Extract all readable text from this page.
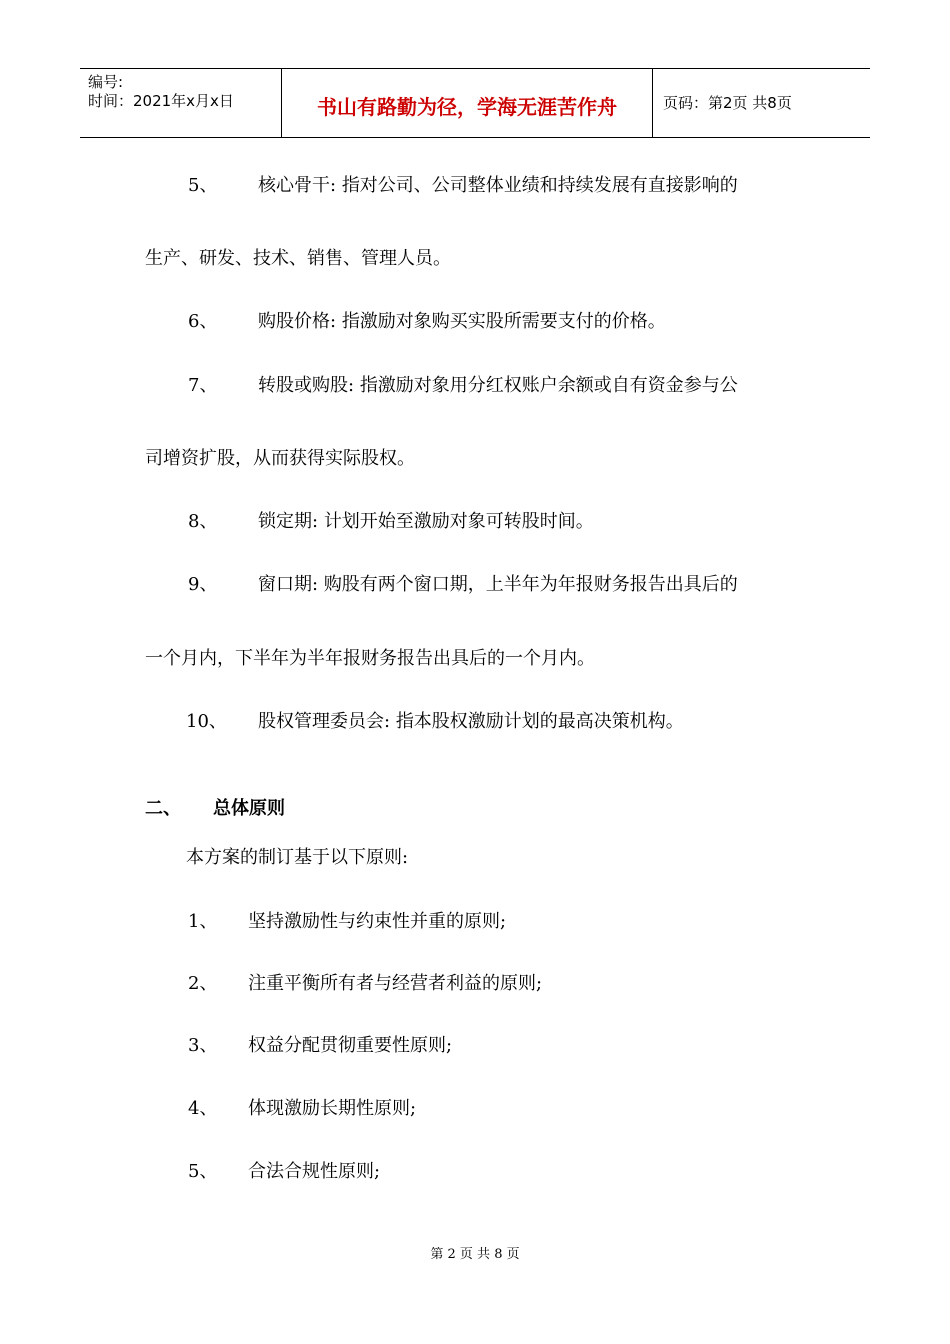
编号:
时间：2021年x月x日	书山有路勤为径，学海无涯苦作舟	页码：第2页 共8页
5、 核心骨干: 指对公司、公司整体业绩和持续发展有直接影响的
生产、研发、技术、销售、管理人员。
6、 购股价格: 指激励对象购买实股所需要支付的价格。
7、 转股或购股: 指激励对象用分红权账户余额或自有资金参与公
司增资扩股，从而获得实际股权。
8、 锁定期: 计划开始至激励对象可转股时间。
9、 窗口期: 购股有两个窗口期，上半年为年报财务报告出具后的
一个月内，下半年为半年报财务报告出具后的一个月内。
10、 股权管理委员会: 指本股权激励计划的最高决策机构。
二、 总体原则
本方案的制订基于以下原则:
1、 坚持激励性与约束性并重的原则;
2、 注重平衡所有者与经营者利益的原则;
3、 权益分配贯彻重要性原则;
4、 体现激励长期性原则;
5、 合法合规性原则;
第 2 页 共 8 页
